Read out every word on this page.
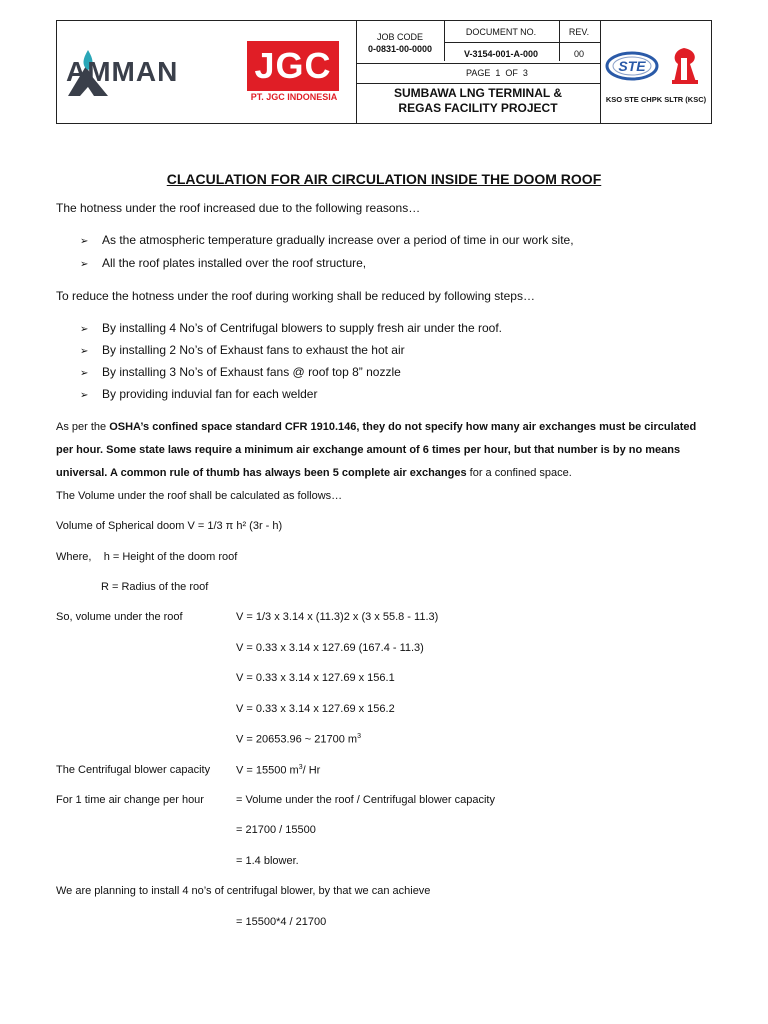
AMMAN JGC
PT. JGC INDONESIA
JOB CODE
0-0831-00-0000
DOCUMENT NO.
V-3154-001-A-000
REV.
00
PAGE 1 OF 3
SUMBAWA LNG TERMINAL &
REGAS FACILITY PROJECT
STE
KSO STE CHPK SLTR (KSC)
CLACULATION FOR AIR CIRCULATION INSIDE THE DOOM ROOF
The hotness under the roof increased due to the following reasons…
➢ As the atmospheric temperature gradually increase over a period of time in our work site,
➢ All the roof plates installed over the roof structure,
To reduce the hotness under the roof during working shall be reduced by following steps…
➢ By installing 4 No’s of Centrifugal blowers to supply fresh air under the roof.
➢ By installing 2 No’s of Exhaust fans to exhaust the hot air
➢ By installing 3 No’s of Exhaust fans @ roof top 8” nozzle
➢ By providing induvial fan for each welder
As per the OSHA’s confined space standard CFR 1910.146, they do not specify how many air exchanges must be circulated per hour. Some state laws require a minimum air exchange amount of 6 times per hour, but that number is by no means universal. A common rule of thumb has always been 5 complete air exchanges for a confined space.
The Volume under the roof shall be calculated as follows…
Volume of Spherical doom V = 1/3 π h² (3r - h)
Where, h = Height of the doom roof
R = Radius of the roof
So, volume under the roof	V = 1/3 x 3.14 x (11.3)2 x (3 x 55.8 - 11.3)
V = 0.33 x 3.14 x 127.69 (167.4 - 11.3)
V = 0.33 x 3.14 x 127.69 x 156.1
V = 0.33 x 3.14 x 127.69 x 156.2
V = 20653.96 ~ 21700 $m^3$
The Centrifugal blower capacity V = 15500 $m^3/$ Hr
For 1 time air change per hour	= Volume under the roof / Centrifugal blower capacity
= 21700 / 15500
= 1.4 blower.
We are planning to install 4 no’s of centrifugal blower, by that we can achieve
= 15500*4 / 21700
